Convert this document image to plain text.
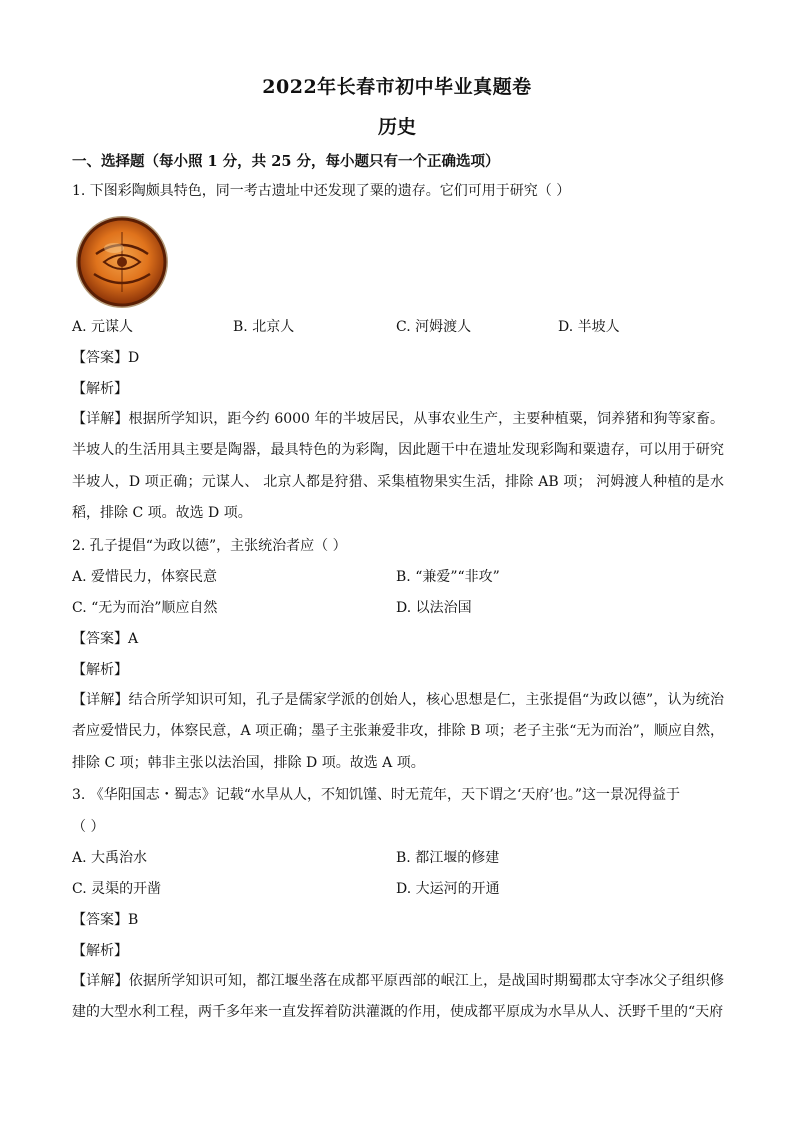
2022年长春市初中毕业真题卷
历史
一、选择题（每小照 1 分，共 25 分，每小题只有一个正确选项）
1. 下图彩陶颇具特色，同一考古遗址中还发现了粟的遗存。它们可用于研究（ ）
A. 元谋人	B. 北京人	C. 河姆渡人	D. 半坡人
【答案】D
【解析】
【详解】根据所学知识，距今约 6000 年的半坡居民，从事农业生产，主要种植粟，饲养猪和狗等家畜。半坡人的生活用具主要是陶器，最具特色的为彩陶，因此题干中在遗址发现彩陶和粟遗存，可以用于研究半坡人，D 项正确；元谋人、 北京人都是狩猎、采集植物果实生活，排除 AB 项； 河姆渡人种植的是水稻，排除 C 项。故选 D 项。
2. 孔子提倡“为政以德”，主张统治者应（ ）
A. 爱惜民力，体察民意	B. “兼爱”“非攻”
C. “无为而治”顺应自然	D. 以法治国
【答案】A
【解析】
【详解】结合所学知识可知，孔子是儒家学派的创始人，核心思想是仁，主张提倡“为政以德”，认为统治者应爱惜民力，体察民意，A 项正确；墨子主张兼爱非攻，排除 B 项；老子主张“无为而治”，顺应自然，排除 C 项；韩非主张以法治国，排除 D 项。故选 A 项。
3. 《华阳国志・蜀志》记载“水旱从人，不知饥馑、时无荒年，天下谓之‘天府’也。”这一景况得益于
（ ）
A. 大禹治水	B. 都江堰的修建
C. 灵渠的开凿	D. 大运河的开通
【答案】B
【解析】
【详解】依据所学知识可知，都江堰坐落在成都平原西部的岷江上，是战国时期蜀郡太守李冰父子组织修建的大型水利工程，两千多年来一直发挥着防洪灌溉的作用，使成都平原成为水旱从人、沃野千里的“天府
